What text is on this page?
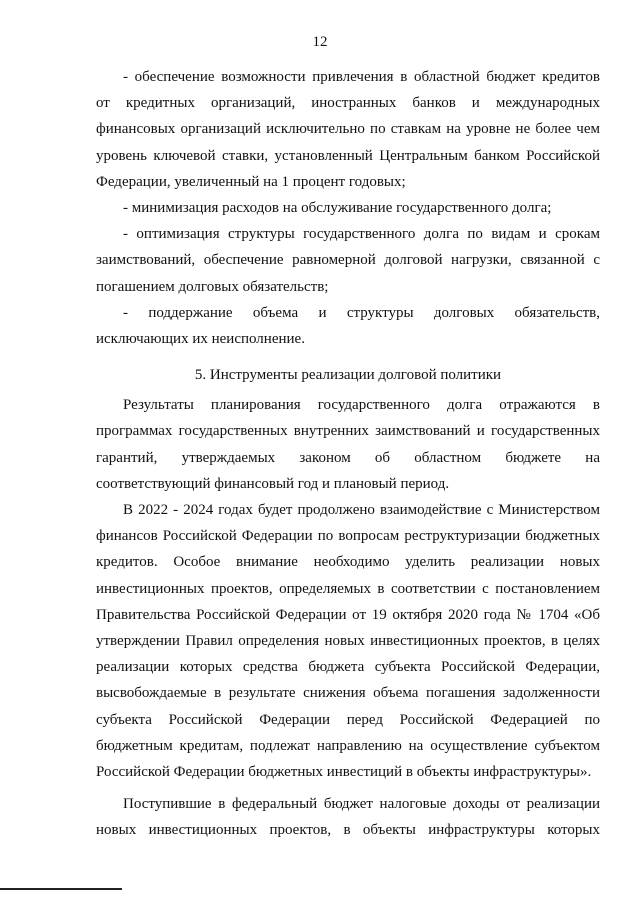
12
- обеспечение возможности привлечения в областной бюджет кредитов
от кредитных организаций, иностранных банков и международных
финансовых организаций исключительно по ставкам на уровне не более чем
уровень ключевой ставки, установленный Центральным банком Российской
Федерации, увеличенный на 1 процент годовых;
- минимизация расходов на обслуживание государственного долга;
- оптимизация структуры государственного долга по видам и срокам
заимствований, обеспечение равномерной долговой нагрузки, связанной с
погашением долговых обязательств;
- поддержание объема и структуры долговых обязательств,
исключающих их неисполнение.
5. Инструменты реализации долговой политики
Результаты планирования государственного долга отражаются в
программах государственных внутренних заимствований и государственных
гарантий, утверждаемых законом об областном бюджете на
соответствующий финансовый год и плановый период.
В 2022 - 2024 годах будет продолжено взаимодействие с Министерством
финансов Российской Федерации по вопросам реструктуризации бюджетных
кредитов. Особое внимание необходимо уделить реализации новых
инвестиционных проектов, определяемых в соответствии с постановлением
Правительства Российской Федерации от 19 октября 2020 года № 1704 «Об
утверждении Правил определения новых инвестиционных проектов, в целях
реализации которых средства бюджета субъекта Российской Федерации,
высвобождаемые в результате снижения объема погашения задолженности
субъекта Российской Федерации перед Российской Федерацией по
бюджетным кредитам, подлежат направлению на осуществление субъектом
Российской Федерации бюджетных инвестиций в объекты инфраструктуры».
Поступившие в федеральный бюджет налоговые доходы от реализации
новых инвестиционных проектов, в объекты инфраструктуры которых
